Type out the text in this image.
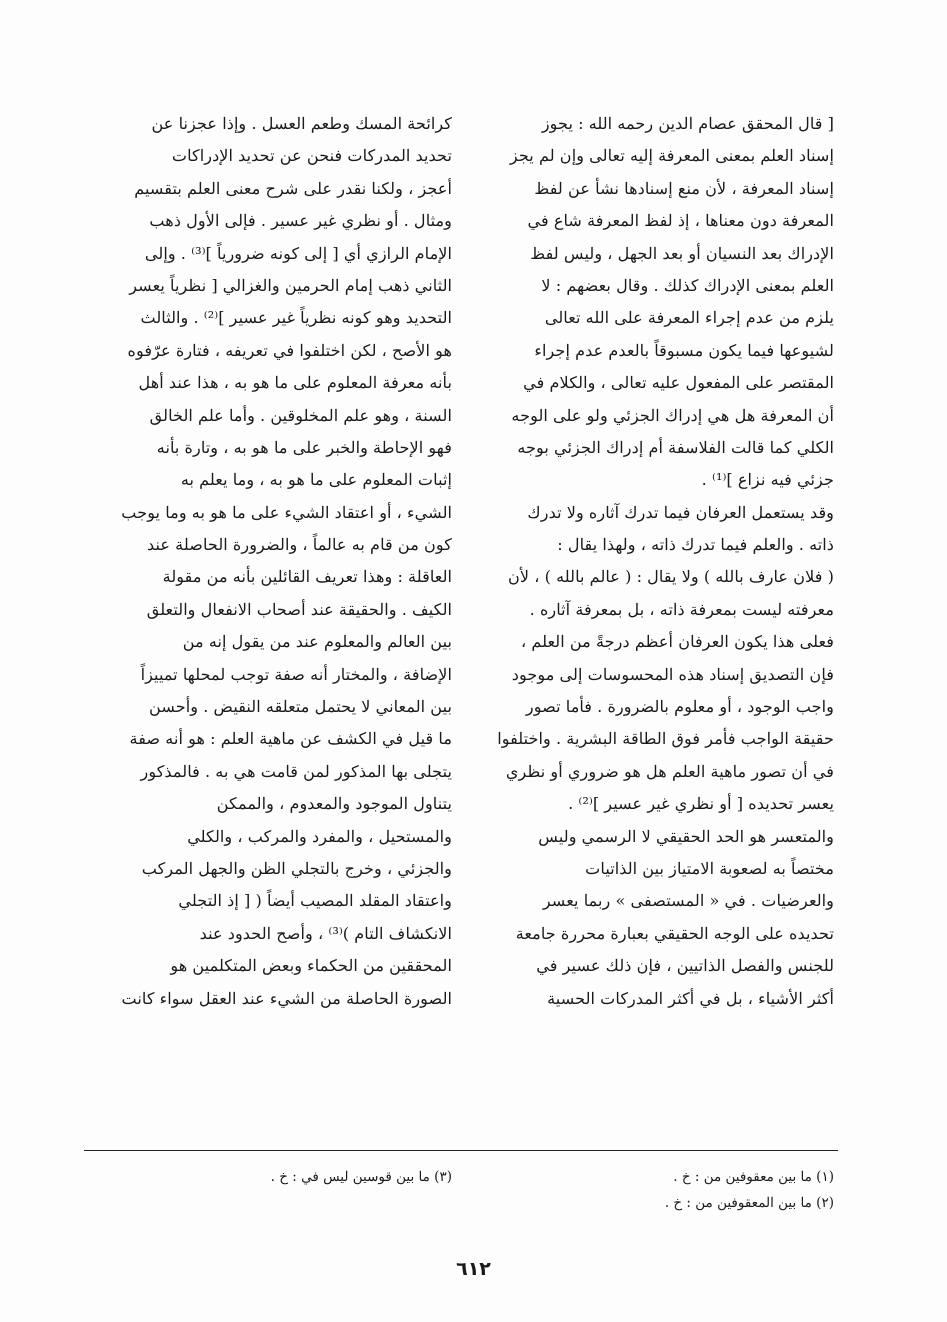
[ قال المحقق عصام الدين رحمه الله : يجوز
إسناد العلم بمعنى المعرفة إليه تعالى وإن لم يجز
إسناد المعرفة ، لأن منع إسنادها نشأ عن لفظ
المعرفة دون معناها ، إذ لفظ المعرفة شاع في
الإدراك بعد النسيان أو بعد الجهل ، وليس لفظ
العلم بمعنى الإدراك كذلك . وقال بعضهم : لا
يلزم من عدم إجراء المعرفة على الله تعالى
لشيوعها فيما يكون مسبوقاً بالعدم عدم إجراء
المقتصر على المفعول عليه تعالى ، والكلام في
أن المعرفة هل هي إدراك الجزئي ولو على الوجه
الكلي كما قالت الفلاسفة أم إدراك الجزئي بوجه
جزئي فيه نزاع ]⁽¹⁾ .
وقد يستعمل العرفان فيما تدرك آثاره ولا تدرك
ذاته . والعلم فيما تدرك ذاته ، ولهذا يقال :
( فلان عارف بالله ) ولا يقال : ( عالم بالله ) ، لأن
معرفته ليست بمعرفة ذاته ، بل بمعرفة آثاره .
فعلى هذا يكون العرفان أعظم درجةً من العلم ،
فإن التصديق إسناد هذه المحسوسات إلى موجود
واجب الوجود ، أو معلوم بالضرورة . فأما تصور
حقيقة الواجب فأمر فوق الطاقة البشرية . واختلفوا
في أن تصور ماهية العلم هل هو ضروري أو نظري
يعسر تحديده [ أو نظري غير عسير ]⁽²⁾ .
والمتعسر هو الحد الحقيقي لا الرسمي وليس
مختصاً به لصعوبة الامتياز بين الذاتيات
والعرضيات . في « المستصفى » ربما يعسر
تحديده على الوجه الحقيقي بعبارة محررة جامعة
للجنس والفصل الذاتيين ، فإن ذلك عسير في
أكثر الأشياء ، بل في أكثر المدركات الحسية
كرائحة المسك وطعم العسل . وإذا عجزنا عن
تحديد المدركات فنحن عن تحديد الإدراكات
أعجز ، ولكنا نقدر على شرح معنى العلم بتقسيم
ومثال . أو نظري غير عسير . فإلى الأول ذهب
الإمام الرازي أي [ إلى كونه ضرورياً ]⁽³⁾ . وإلى
الثاني ذهب إمام الحرمين والغزالي [ نظرياً يعسر
التحديد وهو كونه نظرياً غير عسير ]⁽²⁾ . والثالث
هو الأصح ، لكن اختلفوا في تعريفه ، فتارة عرّفوه
بأنه معرفة المعلوم على ما هو به ، هذا عند أهل
السنة ، وهو علم المخلوقين . وأما علم الخالق
فهو الإحاطة والخبر على ما هو به ، وتارة بأنه
إثبات المعلوم على ما هو به ، وما يعلم به
الشيء ، أو اعتقاد الشيء على ما هو به وما يوجب
كون من قام به عالماً ، والضرورة الحاصلة عند
العاقلة : وهذا تعريف القائلين بأنه من مقولة
الكيف . والحقيقة عند أصحاب الانفعال والتعلق
بين العالم والمعلوم عند من يقول إنه من
الإضافة ، والمختار أنه صفة توجب لمحلها تمييزاً
بين المعاني لا يحتمل متعلقه النقيض . وأحسن
ما قيل في الكشف عن ماهية العلم : هو أنه صفة
يتجلى بها المذكور لمن قامت هي به . فالمذكور
يتناول الموجود والمعدوم ، والممكن
والمستحيل ، والمفرد والمركب ، والكلي
والجزئي ، وخرج بالتجلي الظن والجهل المركب
واعتقاد المقلد المصيب أيضاً ( [ إذ التجلي
الانكشاف التام )⁽³⁾ ، وأصح الحدود عند
المحققين من الحكماء وبعض المتكلمين هو
الصورة الحاصلة من الشيء عند العقل سواء كانت
(١) ما بين معقوفين من : خ .
(٢) ما بين المعقوفين من : خ .
(٣) ما بين قوسين ليس في : خ .
٦١٢
